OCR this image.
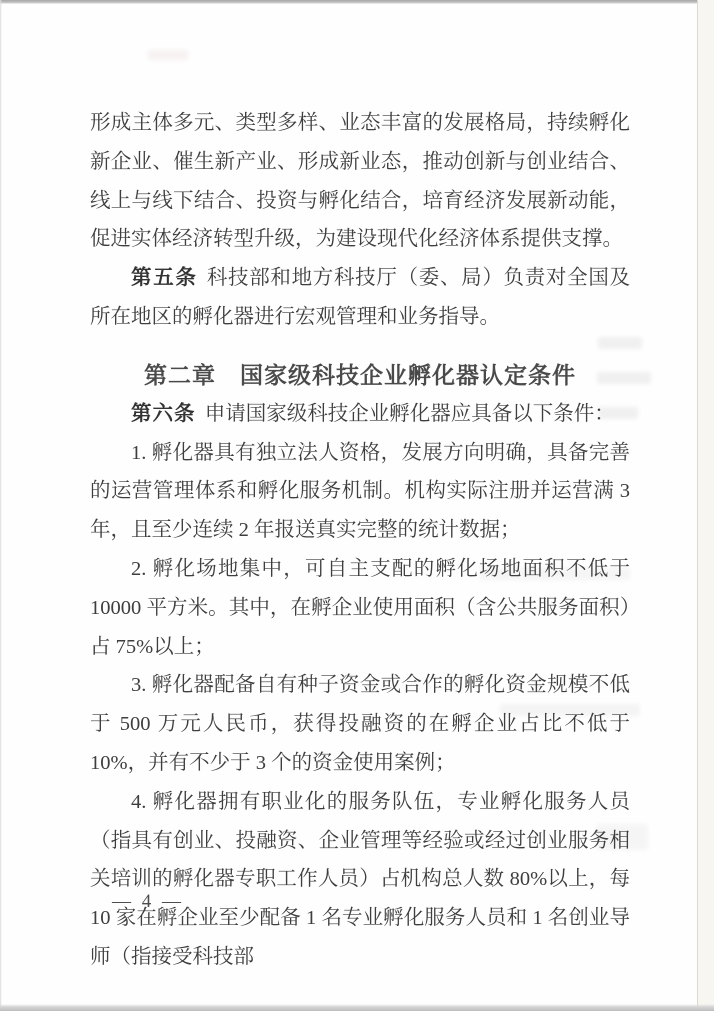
形成主体多元、类型多样、业态丰富的发展格局，持续孵化新企业、催生新产业、形成新业态，推动创新与创业结合、线上与线下结合、投资与孵化结合，培育经济发展新动能，促进实体经济转型升级，为建设现代化经济体系提供支撑。

第五条 科技部和地方科技厅（委、局）负责对全国及所在地区的孵化器进行宏观管理和业务指导。

第二章　国家级科技企业孵化器认定条件

第六条 申请国家级科技企业孵化器应具备以下条件：

1. 孵化器具有独立法人资格，发展方向明确，具备完善的运营管理体系和孵化服务机制。机构实际注册并运营满 3 年，且至少连续 2 年报送真实完整的统计数据；

2. 孵化场地集中，可自主支配的孵化场地面积不低于 10000 平方米。其中，在孵企业使用面积（含公共服务面积）占 75%以上；

3. 孵化器配备自有种子资金或合作的孵化资金规模不低于 500 万元人民币，获得投融资的在孵企业占比不低于 10%，并有不少于 3 个的资金使用案例；

4. 孵化器拥有职业化的服务队伍，专业孵化服务人员（指具有创业、投融资、企业管理等经验或经过创业服务相关培训的孵化器专职工作人员）占机构总人数 80%以上，每 10 家在孵企业至少配备 1 名专业孵化服务人员和 1 名创业导师（指接受科技部

— 4 —
